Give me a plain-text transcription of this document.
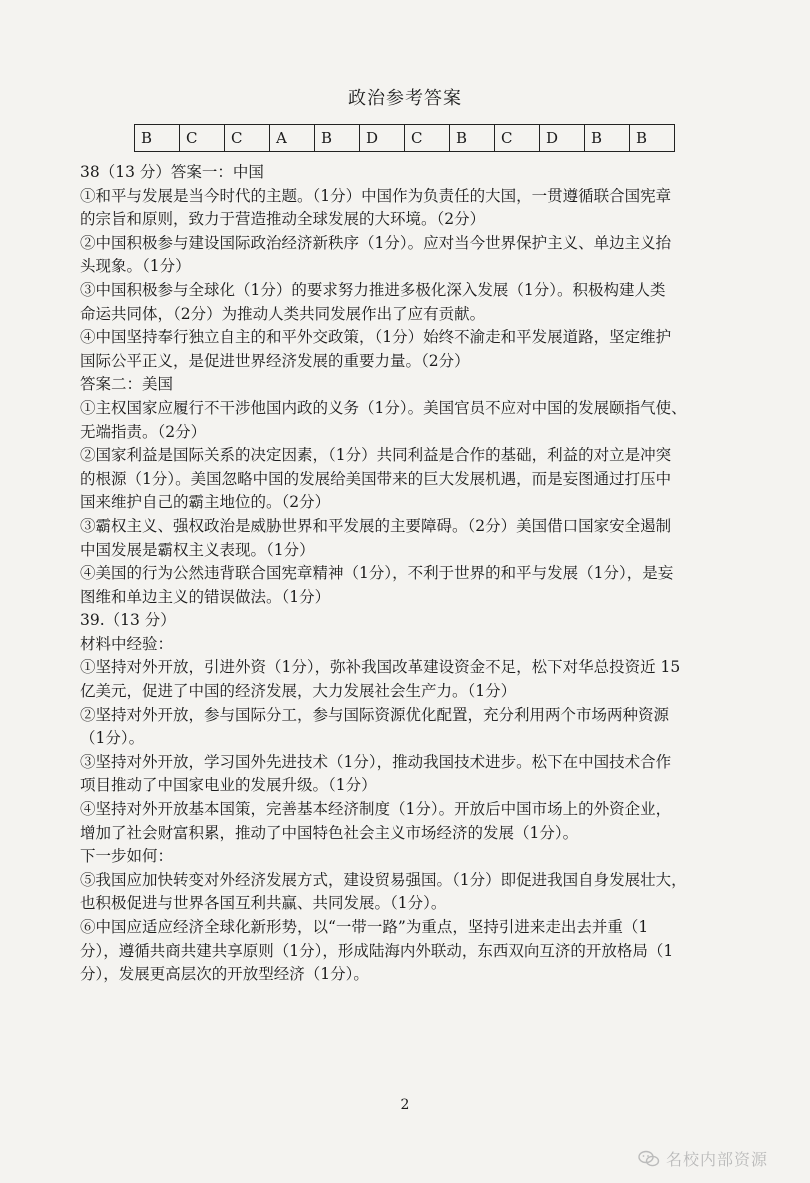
政治参考答案
B	C	C	A	B	D	C	B	C	D	B	B

38（13 分）答案一：中国

①和平与发展是当今时代的主题。（1分）中国作为负责任的大国，一贯遵循联合国宪章

的宗旨和原则，致力于营造推动全球发展的大环境。（2分）

②中国积极参与建设国际政治经济新秩序（1分）。应对当今世界保护主义、单边主义抬

头现象。（1分）

③中国积极参与全球化（1分）的要求努力推进多极化深入发展（1分）。积极构建人类

命运共同体，（2分）为推动人类共同发展作出了应有贡献。

④中国坚持奉行独立自主的和平外交政策，（1分）始终不渝走和平发展道路，坚定维护

国际公平正义，是促进世界经济发展的重要力量。（2分）

答案二：美国

①主权国家应履行不干涉他国内政的义务（1分）。美国官员不应对中国的发展颐指气使、

无端指责。（2分）

②国家利益是国际关系的决定因素，（1分）共同利益是合作的基础，利益的对立是冲突

的根源（1分）。美国忽略中国的发展给美国带来的巨大发展机遇，而是妄图通过打压中

国来维护自己的霸主地位的。（2分）

③霸权主义、强权政治是威胁世界和平发展的主要障碍。（2分）美国借口国家安全遏制

中国发展是霸权主义表现。（1分）

④美国的行为公然违背联合国宪章精神（1分），不利于世界的和平与发展（1分），是妄

图维和单边主义的错误做法。（1分）

39.（13 分）

材料中经验：

①坚持对外开放，引进外资（1分），弥补我国改革建设资金不足，松下对华总投资近 15

亿美元，促进了中国的经济发展，大力发展社会生产力。（1分）

②坚持对外开放，参与国际分工，参与国际资源优化配置，充分利用两个市场两种资源

（1分）。

③坚持对外开放，学习国外先进技术（1分），推动我国技术进步。松下在中国技术合作

项目推动了中国家电业的发展升级。（1分）

④坚持对外开放基本国策，完善基本经济制度（1分）。开放后中国市场上的外资企业，

增加了社会财富积累，推动了中国特色社会主义市场经济的发展（1分）。

下一步如何：

⑤我国应加快转变对外经济发展方式，建设贸易强国。（1分）即促进我国自身发展壮大，

也积极促进与世界各国互利共赢、共同发展。（1分）。

⑥中国应适应经济全球化新形势，以“一带一路”为重点，坚持引进来走出去并重（1

分），遵循共商共建共享原则（1分），形成陆海内外联动，东西双向互济的开放格局（1

分），发展更高层次的开放型经济（1分）。

2
名校内部资源
